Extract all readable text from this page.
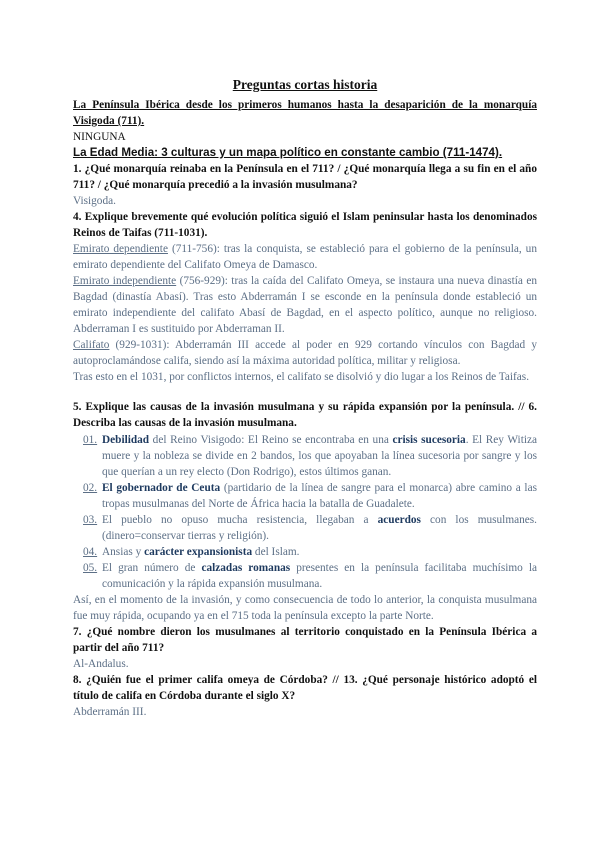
Preguntas cortas historia
La Península Ibérica desde los primeros humanos hasta la desaparición de la monarquía Visigoda (711).
NINGUNA
La Edad Media: 3 culturas y un mapa político en constante cambio (711-1474).
1. ¿Qué monarquía reinaba en la Península en el 711? / ¿Qué monarquía llega a su fin en el año 711? / ¿Qué monarquía precedió a la invasión musulmana?
Visigoda.
4. Explique brevemente qué evolución política siguió el Islam peninsular hasta los denominados Reinos de Taifas (711-1031).
Emirato dependiente (711-756): tras la conquista, se estableció para el gobierno de la península, un emirato dependiente del Califato Omeya de Damasco.
Emirato independiente (756-929): tras la caída del Califato Omeya, se instaura una nueva dinastía en Bagdad (dinastía Abasí). Tras esto Abderramán I se esconde en la península donde estableció un emirato independiente del califato Abasí de Bagdad, en el aspecto político, aunque no religioso. Abderraman I es sustituido por Abderraman II.
Califato (929-1031): Abderramán III accede al poder en 929 cortando vínculos con Bagdad y autoproclamándose califa, siendo así la máxima autoridad política, militar y religiosa.
Tras esto en el 1031, por conflictos internos, el califato se disolvió y dio lugar a los Reinos de Taifas.
5. Explique las causas de la invasión musulmana y su rápida expansión por la península. // 6. Describa las causas de la invasión musulmana.
01. Debilidad del Reino Visigodo: El Reino se encontraba en una crisis sucesoria. El Rey Witiza muere y la nobleza se divide en 2 bandos, los que apoyaban la línea sucesoria por sangre y los que querían a un rey electo (Don Rodrigo), estos últimos ganan.
02. El gobernador de Ceuta (partidario de la línea de sangre para el monarca) abre camino a las tropas musulmanas del Norte de África hacia la batalla de Guadalete.
03. El pueblo no opuso mucha resistencia, llegaban a acuerdos con los musulmanes. (dinero=conservar tierras y religión).
04. Ansias y carácter expansionista del Islam.
05. El gran número de calzadas romanas presentes en la península facilitaba muchísimo la comunicación y la rápida expansión musulmana.
Así, en el momento de la invasión, y como consecuencia de todo lo anterior, la conquista musulmana fue muy rápida, ocupando ya en el 715 toda la península excepto la parte Norte.
7. ¿Qué nombre dieron los musulmanes al territorio conquistado en la Península Ibérica a partir del año 711?
Al-Andalus.
8. ¿Quién fue el primer califa omeya de Córdoba? // 13. ¿Qué personaje histórico adoptó el título de califa en Córdoba durante el siglo X?
Abderramán III.
